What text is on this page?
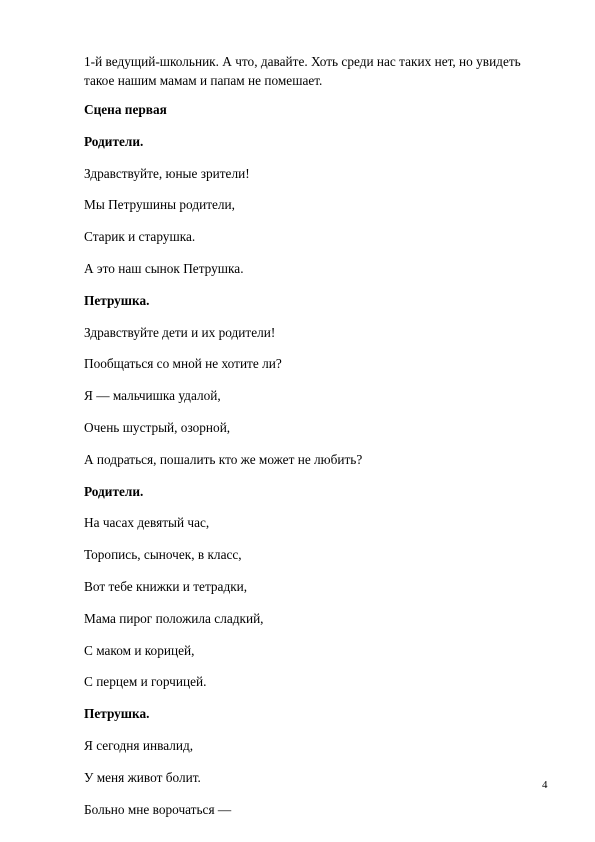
1-й ведущий-школьник. А что, давайте. Хоть среди нас таких нет, но увидеть такое нашим мамам и папам не помешает.

Сцена первая
Родители.
Здравствуйте, юные зрители!
Мы Петрушины родители,
Старик и старушка.
А это наш сынок Петрушка.
Петрушка.
Здравствуйте дети и их родители!
Пообщаться со мной не хотите ли?
Я — мальчишка удалой,
Очень шустрый, озорной,
А подраться, пошалить кто же может не любить?
Родители.
На часах девятый час,
Торопись, сыночек, в класс,
Вот тебе книжки и тетрадки,
Мама пирог положила сладкий,
С маком и корицей,
С перцем и горчицей.
Петрушка.
Я сегодня инвалид,
У меня живот болит.
Больно мне ворочаться —
4
